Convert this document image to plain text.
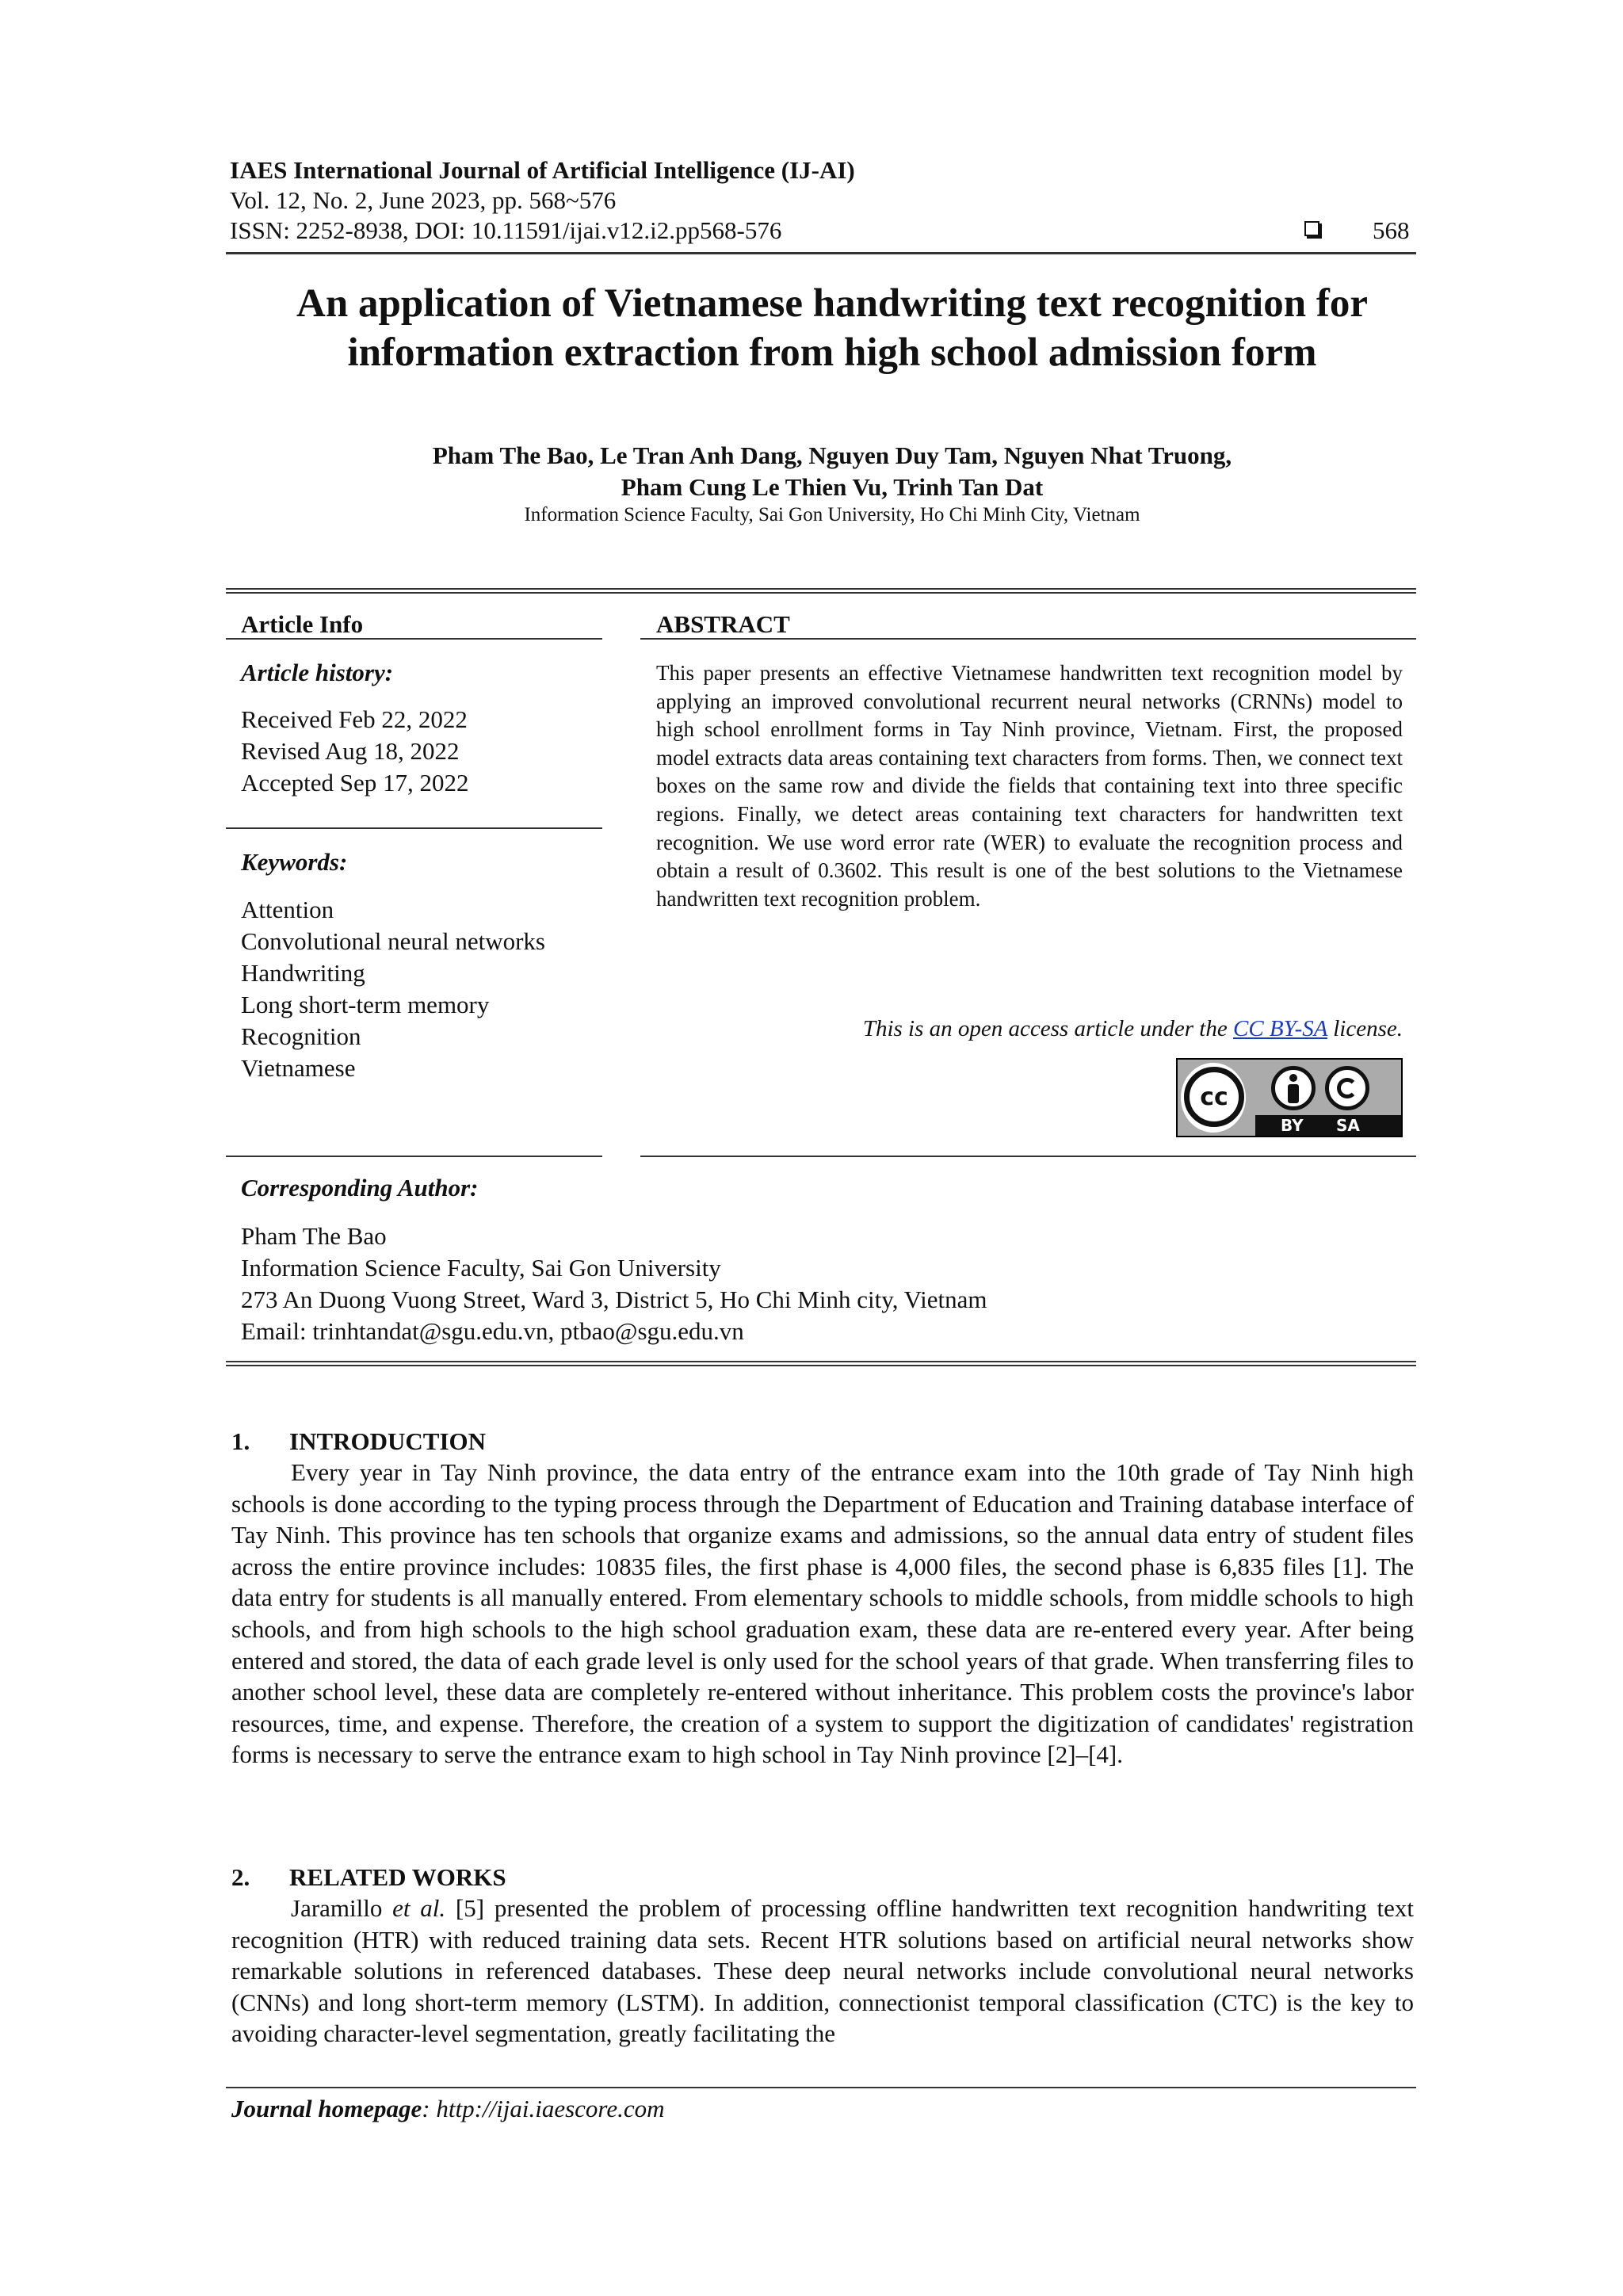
IAES International Journal of Artificial Intelligence (IJ-AI)
Vol. 12, No. 2, June 2023, pp. 568~576
ISSN: 2252-8938, DOI: 10.11591/ijai.v12.i2.pp568-576	568
An application of Vietnamese handwriting text recognition for
information extraction from high school admission form
Pham The Bao, Le Tran Anh Dang, Nguyen Duy Tam, Nguyen Nhat Truong,
Pham Cung Le Thien Vu, Trinh Tan Dat
Information Science Faculty, Sai Gon University, Ho Chi Minh City, Vietnam
Article Info
Article history:
Received Feb 22, 2022
Revised Aug 18, 2022
Accepted Sep 17, 2022
Keywords:
Attention
Convolutional neural networks
Handwriting
Long short-term memory
Recognition
Vietnamese
ABSTRACT
This paper presents an effective Vietnamese handwritten text recognition model by applying an improved convolutional recurrent neural networks (CRNNs) model to high school enrollment forms in Tay Ninh province, Vietnam. First, the proposed model extracts data areas containing text characters from forms. Then, we connect text boxes on the same row and divide the fields that containing text into three specific regions. Finally, we detect areas containing text characters for handwritten text recognition. We use word error rate (WER) to evaluate the recognition process and obtain a result of 0.3602. This result is one of the best solutions to the Vietnamese handwritten text recognition problem.
This is an open access article under the CC BY-SA license.
cc
BY SA
Corresponding Author:
Pham The Bao
Information Science Faculty, Sai Gon University
273 An Duong Vuong Street, Ward 3, District 5, Ho Chi Minh city, Vietnam
Email: trinhtandat@sgu.edu.vn, ptbao@sgu.edu.vn
1. INTRODUCTION
Every year in Tay Ninh province, the data entry of the entrance exam into the 10th grade of Tay Ninh high schools is done according to the typing process through the Department of Education and Training database interface of Tay Ninh. This province has ten schools that organize exams and admissions, so the annual data entry of student files across the entire province includes: 10835 files, the first phase is 4,000 files, the second phase is 6,835 files [1]. The data entry for students is all manually entered. From elementary schools to middle schools, from middle schools to high schools, and from high schools to the high school graduation exam, these data are re-entered every year. After being entered and stored, the data of each grade level is only used for the school years of that grade. When transferring files to another school level, these data are completely re-entered without inheritance. This problem costs the province's labor resources, time, and expense. Therefore, the creation of a system to support the digitization of candidates' registration forms is necessary to serve the entrance exam to high school in Tay Ninh province [2]–[4].
2. RELATED WORKS
Jaramillo et al. [5] presented the problem of processing offline handwritten text recognition handwriting text recognition (HTR) with reduced training data sets. Recent HTR solutions based on artificial neural networks show remarkable solutions in referenced databases. These deep neural networks include convolutional neural networks (CNNs) and long short-term memory (LSTM). In addition, connectionist temporal classification (CTC) is the key to avoiding character-level segmentation, greatly facilitating the
Journal homepage: http://ijai.iaescore.com
